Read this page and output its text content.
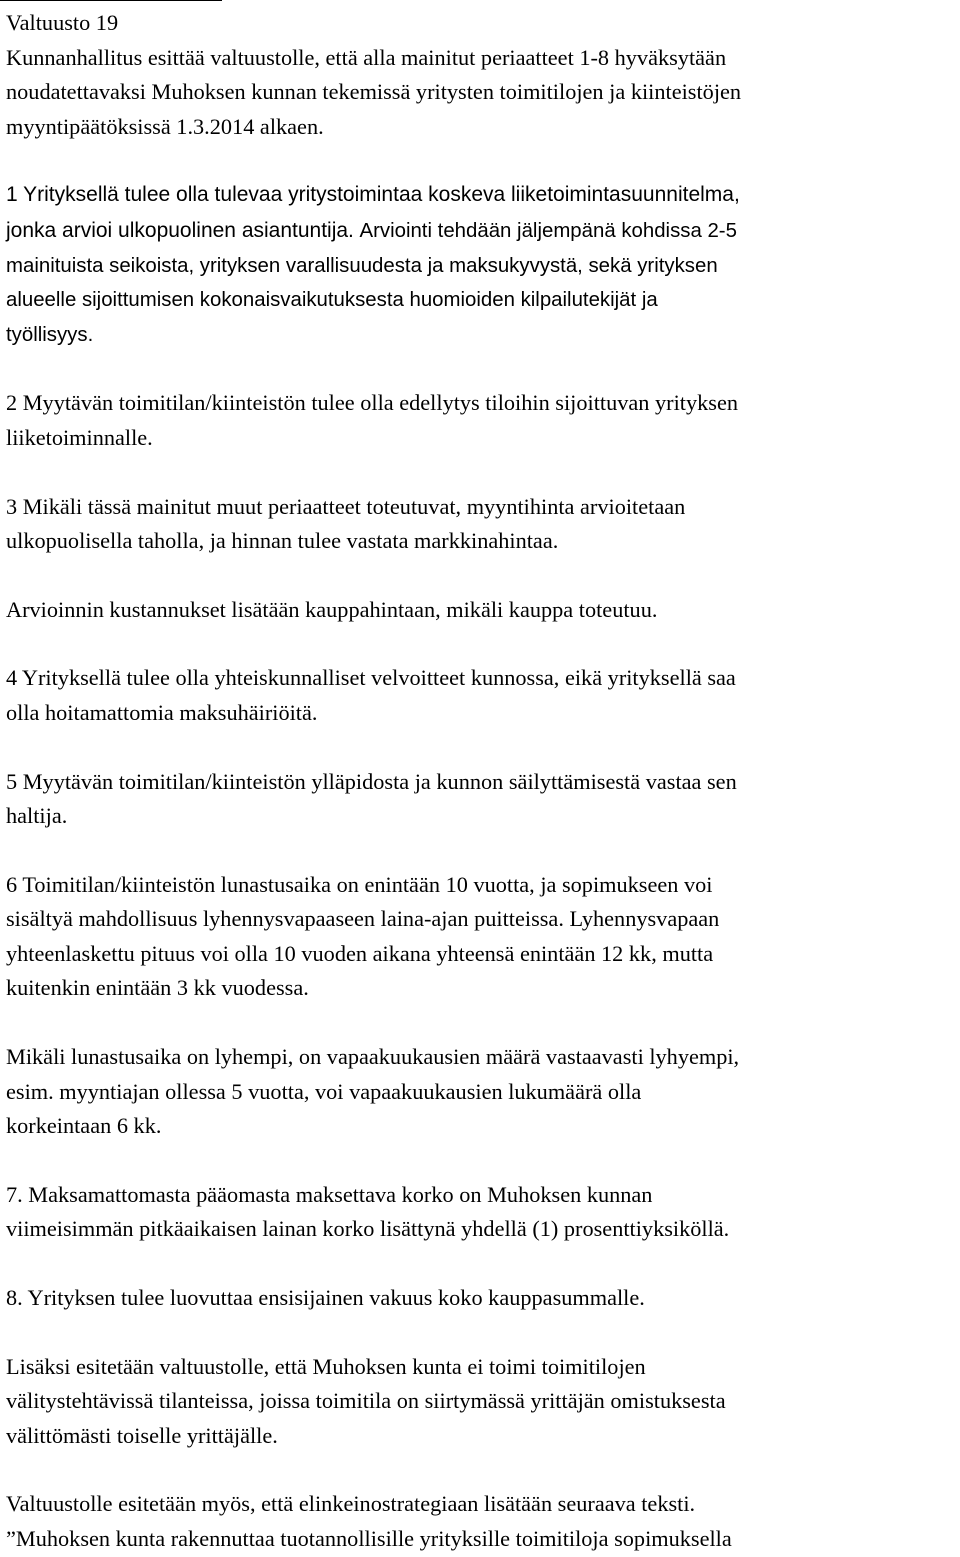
Valtuusto 19

Kunnanhallitus esittää valtuustolle, että alla mainitut periaatteet 1-8 hyväksytään
noudatettavaksi Muhoksen kunnan tekemissä yritysten toimitilojen ja kiinteistöjen
myyntipäätöksissä 1.3.2014 alkaen.

1 Yrityksellä tulee olla tulevaa yritystoimintaa koskeva liiketoimintasuunnitelma,
jonka arvioi ulkopuolinen asiantuntija. Arviointi tehdään jäljempänä kohdissa 2-5
mainituista seikoista, yrityksen varallisuudesta ja maksukyvystä, sekä yrityksen
alueelle sijoittumisen kokonaisvaikutuksesta huomioiden kilpailutekijät ja
työllisyys.

2 Myytävän toimitilan/kiinteistön tulee olla edellytys tiloihin sijoittuvan yrityksen
liiketoiminnalle.

3 Mikäli tässä mainitut muut periaatteet toteutuvat, myyntihinta arvioitetaan
ulkopuolisella taholla, ja hinnan tulee vastata markkinahintaa.

Arvioinnin kustannukset lisätään kauppahintaan, mikäli kauppa toteutuu.

4 Yrityksellä tulee olla yhteiskunnalliset velvoitteet kunnossa, eikä yrityksellä saa
olla hoitamattomia maksuhäiriöitä.

5 Myytävän toimitilan/kiinteistön ylläpidosta ja kunnon säilyttämisestä vastaa sen
haltija.

6 Toimitilan/kiinteistön lunastusaika on enintään 10 vuotta, ja sopimukseen voi
sisältyä mahdollisuus lyhennysvapaaseen laina-ajan puitteissa. Lyhennysvapaan
yhteenlaskettu pituus voi olla 10 vuoden aikana yhteensä enintään 12 kk, mutta
kuitenkin enintään 3 kk vuodessa.

Mikäli lunastusaika on lyhempi, on vapaakuukausien määrä vastaavasti lyhyempi,
esim. myyntiajan ollessa 5 vuotta, voi vapaakuukausien lukumäärä olla
korkeintaan 6 kk.

7. Maksamattomasta pääomasta maksettava korko on Muhoksen kunnan
viimeisimmän pitkäaikaisen lainan korko lisättynä yhdellä (1) prosenttiyksiköllä.

8. Yrityksen tulee luovuttaa ensisijainen vakuus koko kauppasummalle.

Lisäksi esitetään valtuustolle, että Muhoksen kunta ei toimi toimitilojen
välitystehtävissä tilanteissa, joissa toimitila on siirtymässä yrittäjän omistuksesta
välittömästi toiselle yrittäjälle.

Valtuustolle esitetään myös, että elinkeinostrategiaan lisätään seuraava teksti.
”Muhoksen kunta rakennuttaa tuotannollisille yrityksille toimitiloja sopimuksella
